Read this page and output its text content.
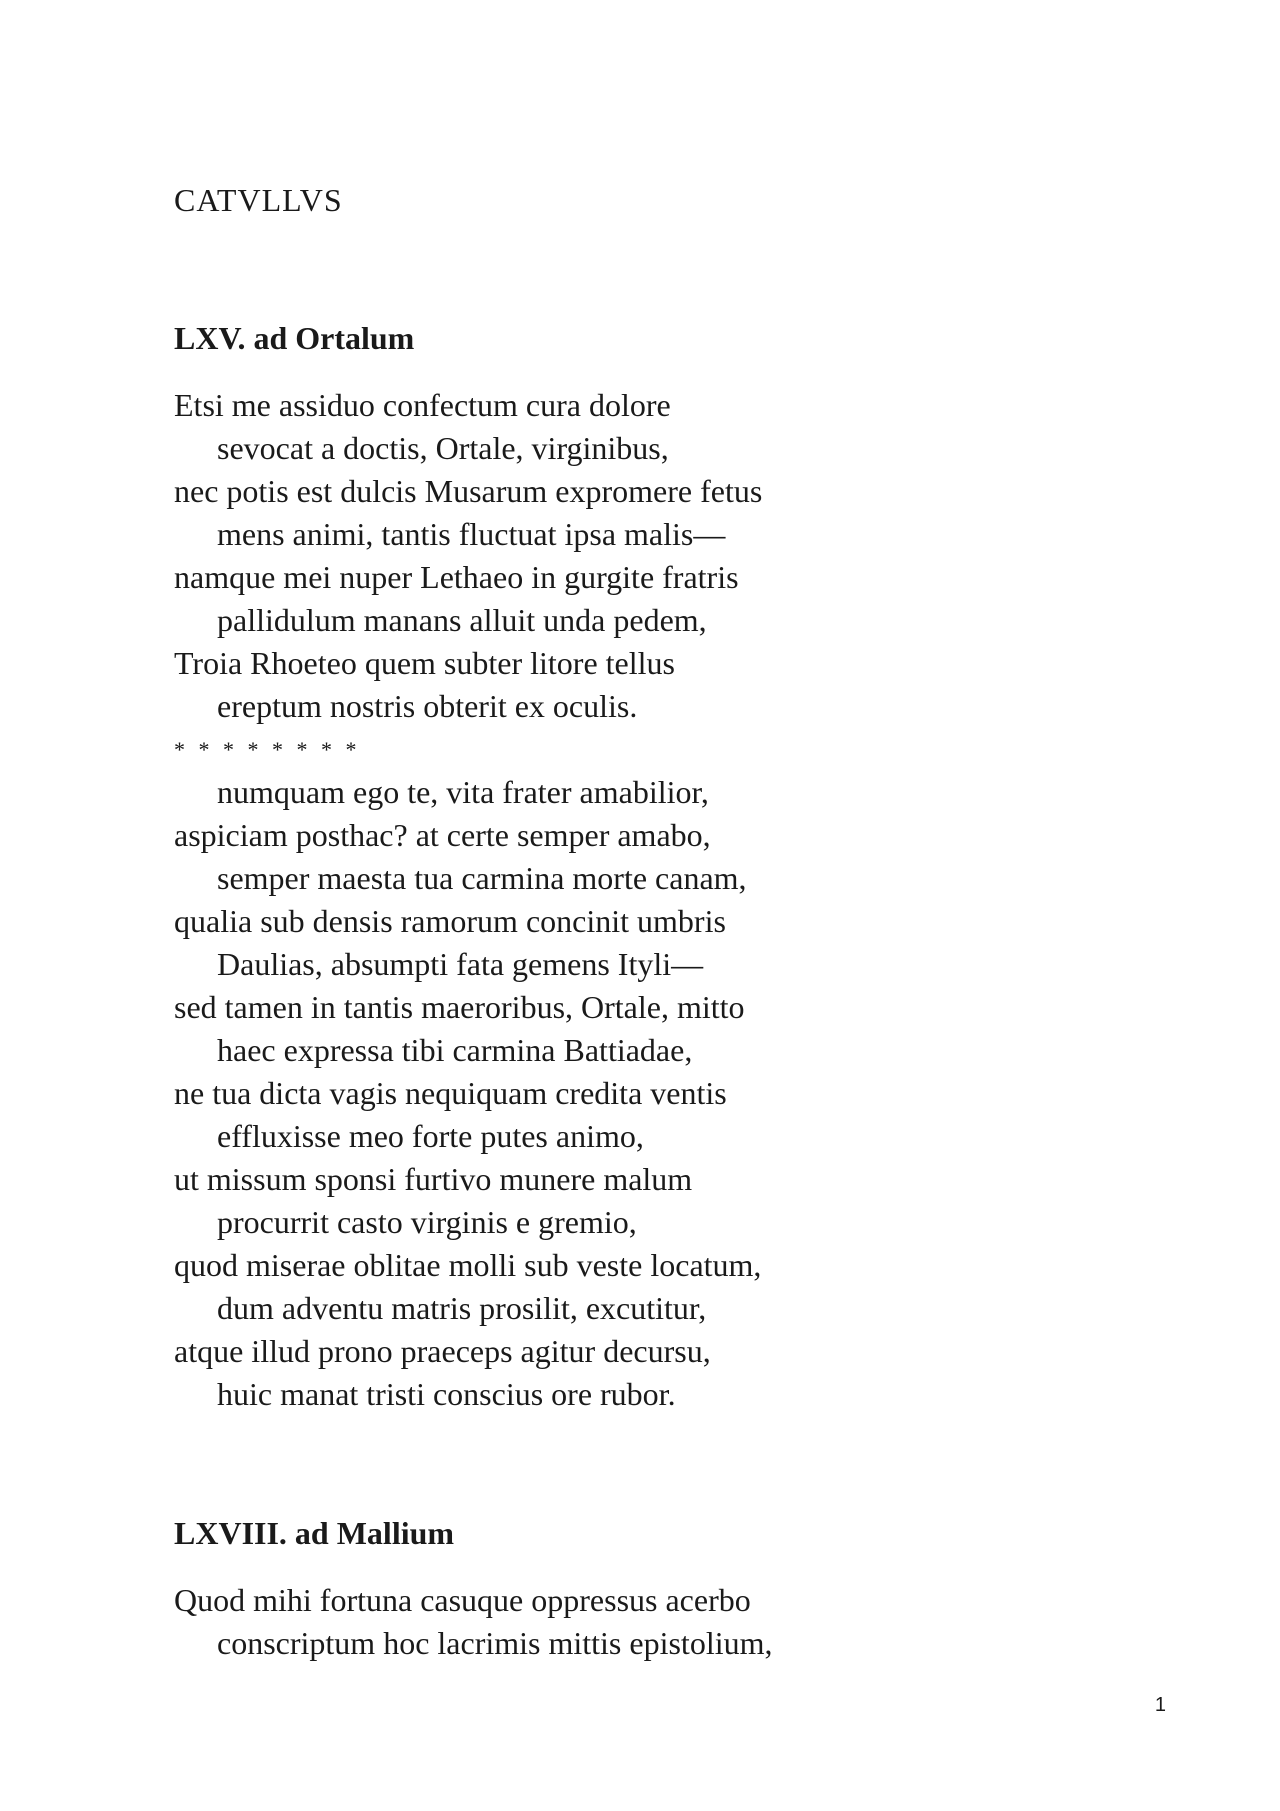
CATVLLVS
LXV. ad Ortalum
Etsi me assiduo confectum cura dolore
sevocat a doctis, Ortale, virginibus,
nec potis est dulcis Musarum expromere fetus
mens animi, tantis fluctuat ipsa malis—
namque mei nuper Lethaeo in gurgite fratris
pallidulum manans alluit unda pedem,
Troia Rhoeteo quem subter litore tellus
ereptum nostris obterit ex oculis.
* * * * * * * *
numquam ego te, vita frater amabilior,
aspiciam posthac? at certe semper amabo,
semper maesta tua carmina morte canam,
qualia sub densis ramorum concinit umbris
Daulias, absumpti fata gemens Ityli—
sed tamen in tantis maeroribus, Ortale, mitto
haec expressa tibi carmina Battiadae,
ne tua dicta vagis nequiquam credita ventis
effluxisse meo forte putes animo,
ut missum sponsi furtivo munere malum
procurrit casto virginis e gremio,
quod miserae oblitae molli sub veste locatum,
dum adventu matris prosilit, excutitur,
atque illud prono praeceps agitur decursu,
huic manat tristi conscius ore rubor.
LXVIII. ad Mallium
Quod mihi fortuna casuque oppressus acerbo
conscriptum hoc lacrimis mittis epistolium,
1
